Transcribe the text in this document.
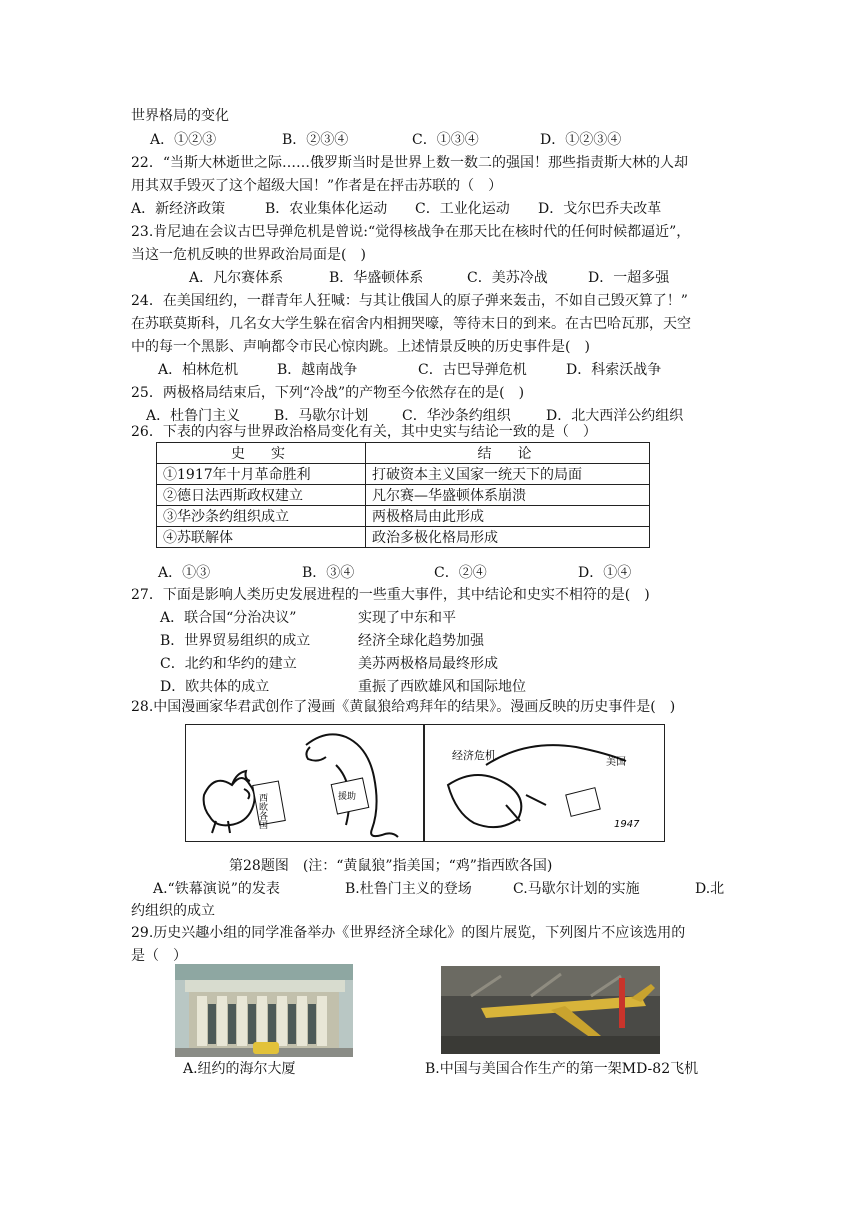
世界格局的变化
A．①②③	B．②③④	C．①③④	D．①②③④
22．“当斯大林逝世之际……俄罗斯当时是世界上数一数二的强国！那些指责斯大林的人却
用其双手毁灭了这个超级大国！”作者是在抨击苏联的（　）
A．新经济政策	B．农业集体化运动 C．工业化运动 D．戈尔巴乔夫改革
23.肯尼迪在会议古巴导弹危机是曾说:“觉得核战争在那天比在核时代的任何时候都逼近”，
当这一危机反映的世界政治局面是(　)
A．凡尔赛体系	B．华盛顿体系	C．美苏冷战	D．一超多强
24．在美国纽约，一群青年人狂喊：与其让俄国人的原子弹来轰击，不如自己毁灭算了！”
在苏联莫斯科，几名女大学生躲在宿舍内相拥哭嚎，等待末日的到来。在古巴哈瓦那，天空
中的每一个黑影、声响都令市民心惊肉跳。上述情景反映的历史事件是(　)
A．柏林危机	B．越南战争	C．古巴导弹危机	D．科索沃战争
25．两极格局结束后，下列“冷战”的产物至今依然存在的是(　)
A．杜鲁门主义 B．马歇尔计划 C．华沙条约组织	D．北大西洋公约组织
26．下表的内容与世界政治格局变化有关，其中史实与结论一致的是（　）
史　实	结　论
①1917年十月革命胜利	打破资本主义国家一统天下的局面
②德日法西斯政权建立	凡尔赛—华盛顿体系崩溃
③华沙条约组织成立	两极格局由此形成
④苏联解体	政治多极化格局形成
A．①③	B．③④	C．②④	D．①④
27．下面是影响人类历史发展进程的一些重大事件，其中结论和史实不相符的是(　)
A．联合国“分治决议”	实现了中东和平
B．世界贸易组织的成立	经济全球化趋势加强
C．北约和华约的建立	美苏两极格局最终形成
D．欧共体的成立	重振了西欧雄风和国际地位
28.中国漫画家华君武创作了漫画《黄鼠狼给鸡拜年的结果》。漫画反映的历史事件是(　)
西欧各国	援助
经济危机
美国
1947
第28题图　(注：“黄鼠狼”指美国；“鸡”指西欧各国)
A.“铁幕演说”的发表	B.杜鲁门主义的登场	C.马歇尔计划的实施	D.北
约组织的成立
29.历史兴趣小组的同学准备举办《世界经济全球化》的图片展览，下列图片不应该选用的
是（　）
A.纽约的海尔大厦	B.中国与美国合作生产的第一架MD-82飞机
